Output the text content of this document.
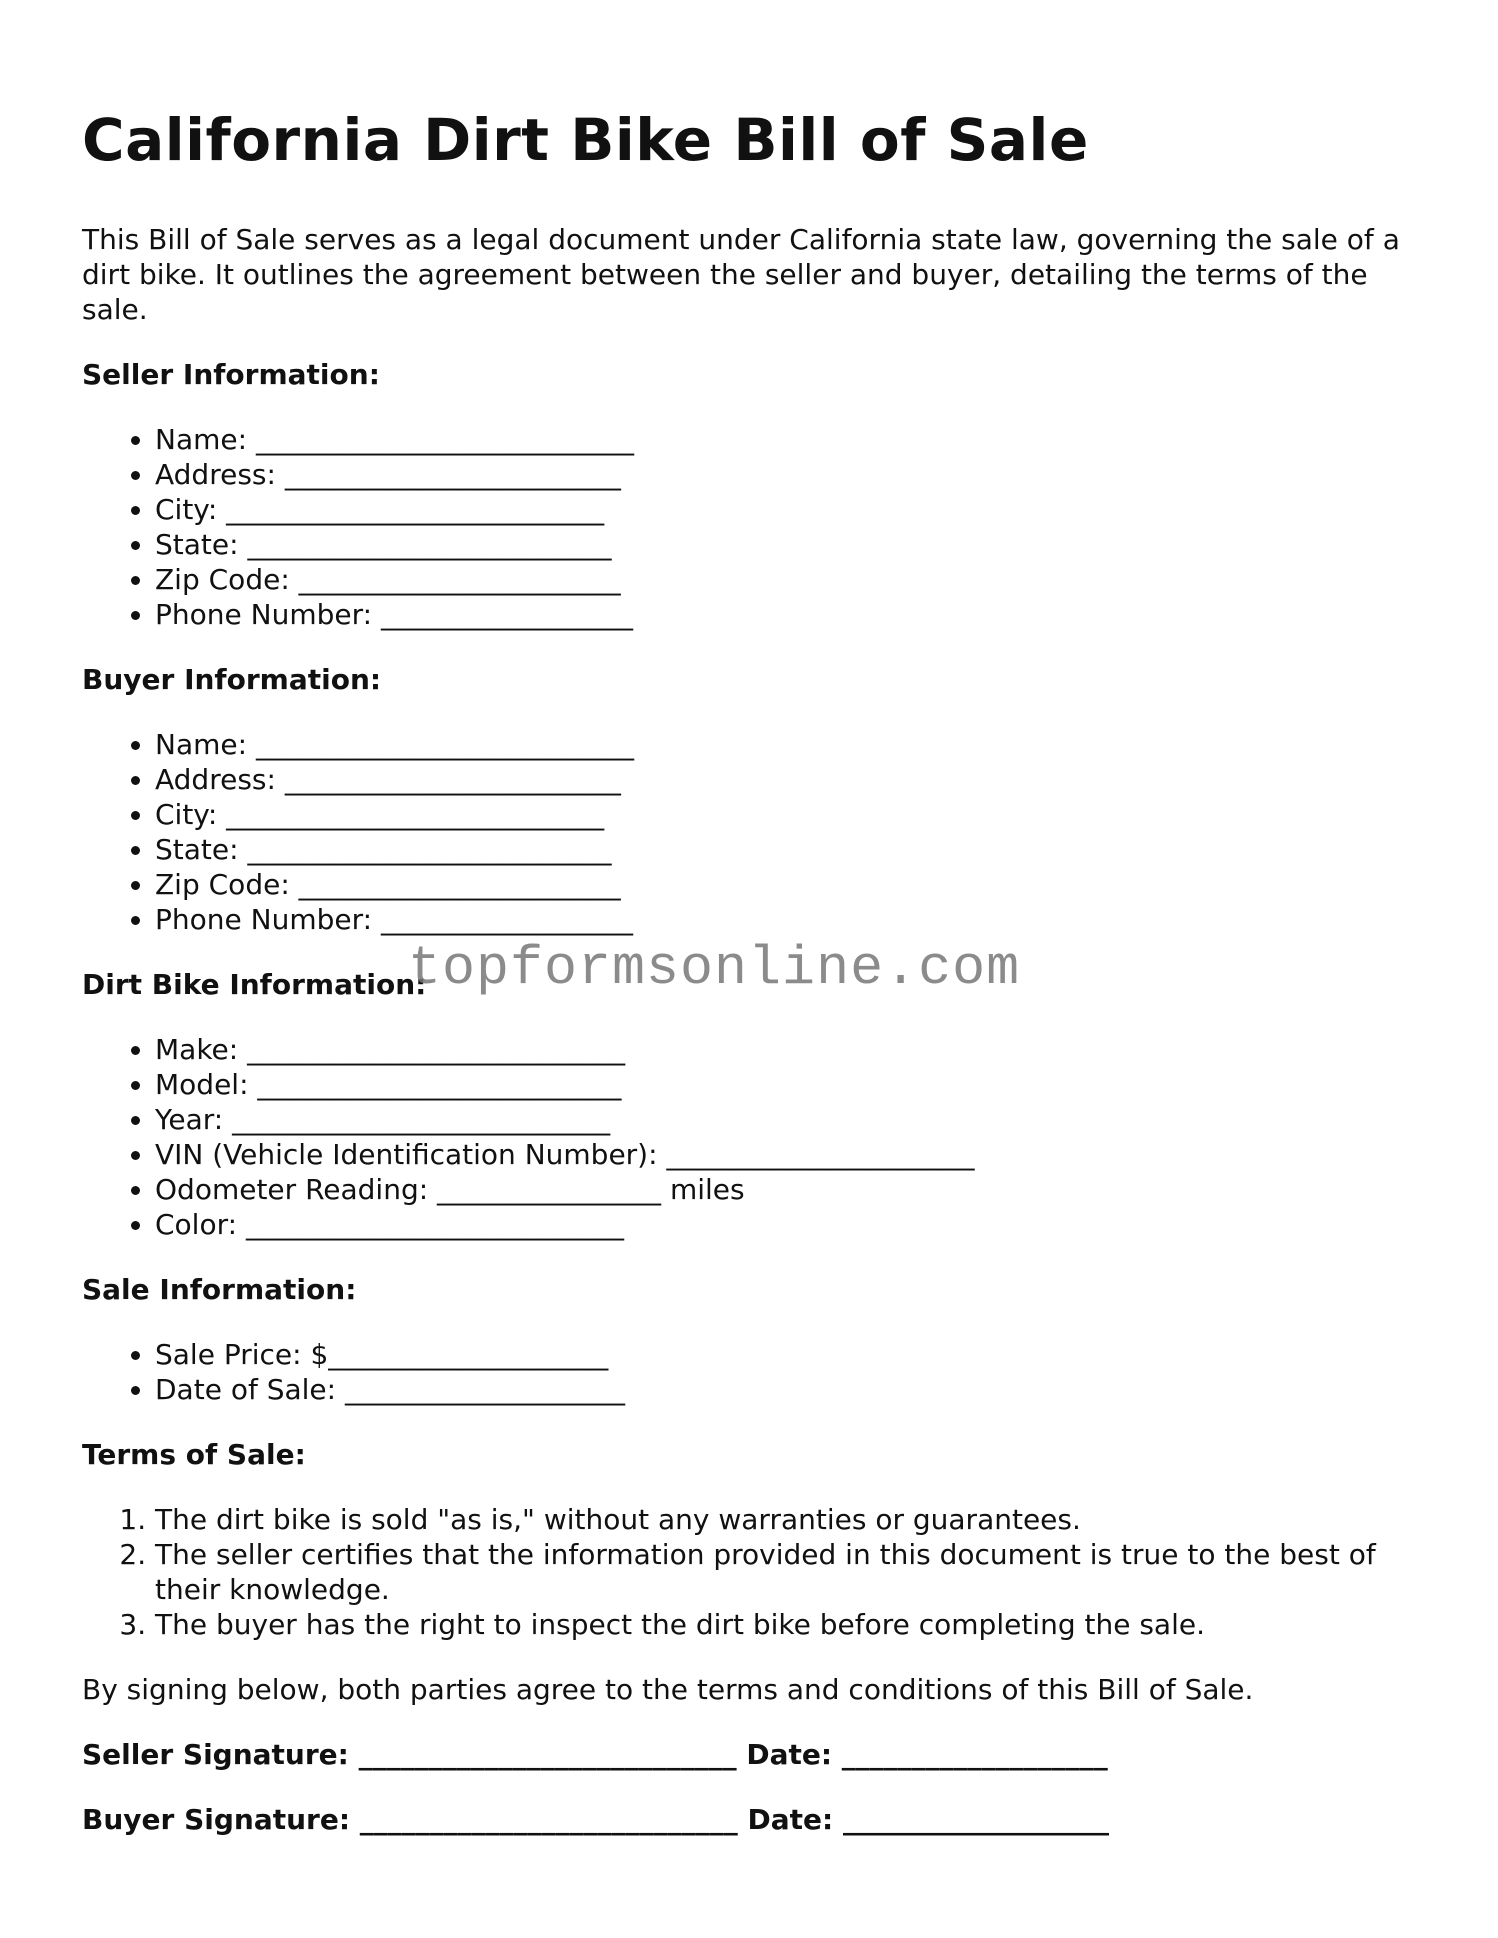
California Dirt Bike Bill of Sale

This Bill of Sale serves as a legal document under California state law, governing the sale of a dirt bike. It outlines the agreement between the seller and buyer, detailing the terms of the sale.

Seller Information:
• Name: ___________________________
• Address: ________________________
• City: ___________________________
• State: __________________________
• Zip Code: _______________________
• Phone Number: __________________
Buyer Information:
• Name: ___________________________
• Address: ________________________
• City: ___________________________
• State: __________________________
• Zip Code: _______________________
• Phone Number: __________________
Dirt Bike Information:
• Make: ___________________________
• Model: __________________________
• Year: ___________________________
• VIN (Vehicle Identification Number): ______________________
• Odometer Reading: ________________ miles
• Color: ___________________________
Sale Information:
• Sale Price: $____________________
• Date of Sale: ____________________
Terms of Sale:
1. The dirt bike is sold "as is," without any warranties or guarantees.
2. The seller certifies that the information provided in this document is true to the best of their knowledge.
3. The buyer has the right to inspect the dirt bike before completing the sale.

By signing below, both parties agree to the terms and conditions of this Bill of Sale.

Seller Signature: ___________________________ Date: ___________________
Buyer Signature: ___________________________ Date: ___________________
topformsonline.com
